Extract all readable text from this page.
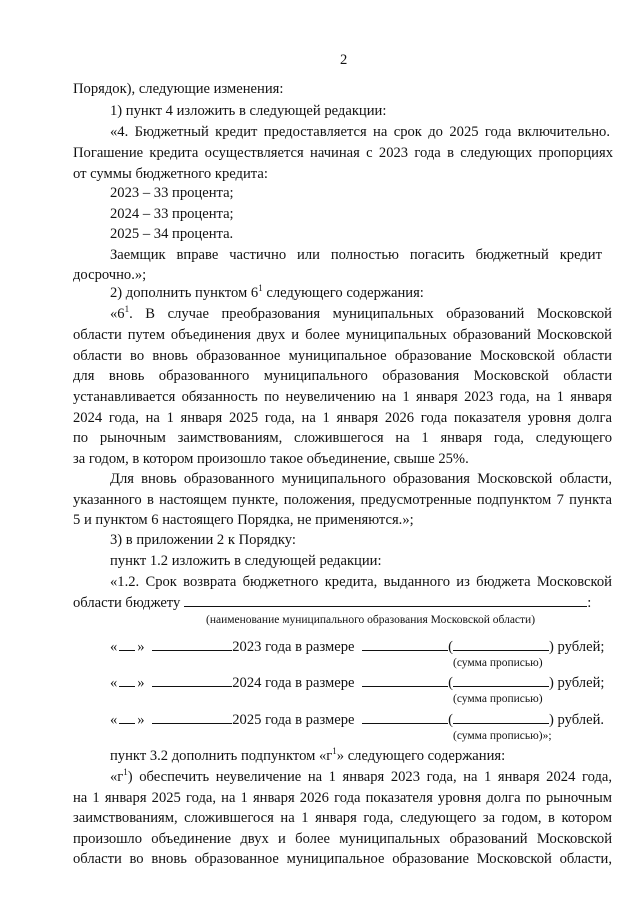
2
Порядок), следующие изменения:
1) пункт 4 изложить в следующей редакции:
«4. Бюджетный кредит предоставляется на срок до 2025 года включительно.
Погашение кредита осуществляется начиная с 2023 года в следующих пропорциях
от суммы бюджетного кредита:
2023 – 33 процента;
2024 – 33 процента;
2025 – 34 процента.
Заемщик вправе частично или полностью погасить бюджетный кредит
досрочно.»;
2) дополнить пунктом $6^1$ следующего содержания:
«$6^1$. В случае преобразования муниципальных образований Московской
области путем объединения двух и более муниципальных образований Московской
области во вновь образованное муниципальное образование Московской области
для вновь образованного муниципального образования Московской области
устанавливается обязанность по неувеличению на 1 января 2023 года, на 1 января
2024 года, на 1 января 2025 года, на 1 января 2026 года показателя уровня долга
по рыночным заимствованиям, сложившегося на 1 января года, следующего
за годом, в котором произошло такое объединение, свыше 25%.
Для вновь образованного муниципального образования Московской области,
указанного в настоящем пункте, положения, предусмотренные подпунктом 7 пункта
5 и пунктом 6 настоящего Порядка, не применяются.»;
3) в приложении 2 к Порядку:
пункт 1.2 изложить в следующей редакции:
«1.2. Срок возврата бюджетного кредита, выданного из бюджета Московской
области бюджету	:
(наименование муниципального образования Московской области)
« »	2023 года в размере	(	) рублей;
(сумма прописью)
« »	2024 года в размере	(	) рублей;
(сумма прописью)
« »	2025 года в размере	(	) рублей.
(сумма прописью)»;
пункт 3.2 дополнить подпунктом «$г^1$» следующего содержания:
«$г^1$) обеспечить неувеличение на 1 января 2023 года, на 1 января 2024 года,
на 1 января 2025 года, на 1 января 2026 года показателя уровня долга по рыночным
заимствованиям, сложившегося на 1 января года, следующего за годом, в котором
произошло объединение двух и более муниципальных образований Московской
области во вновь образованное муниципальное образование Московской области,
